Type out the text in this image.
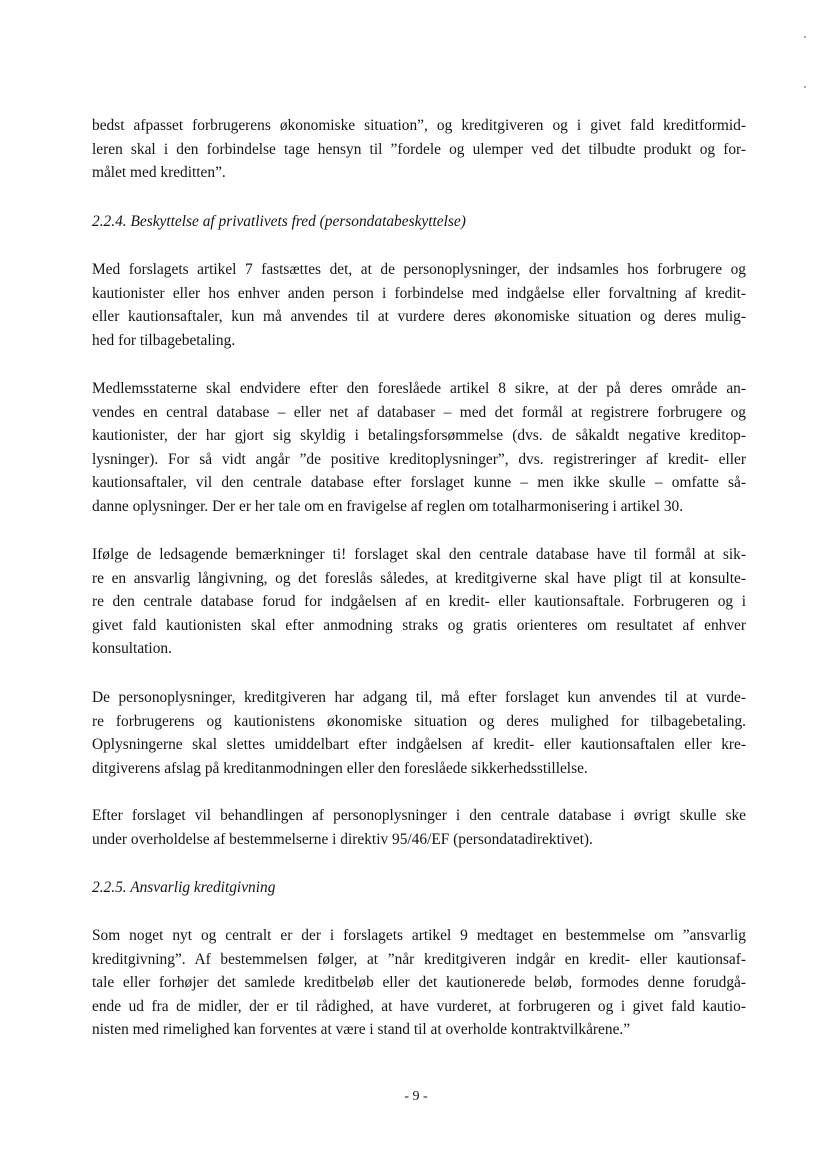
bedst afpasset forbrugerens økonomiske situation”, og kreditgiveren og i givet fald kreditformid-
leren skal i den forbindelse tage hensyn til ”fordele og ulemper ved det tilbudte produkt og for-
målet med kreditten”.

2.2.4. Beskyttelse af privatlivets fred (persondatabeskyttelse)

Med forslagets artikel 7 fastsættes det, at de personoplysninger, der indsamles hos forbrugere og
kautionister eller hos enhver anden person i forbindelse med indgåelse eller forvaltning af kredit-
eller kautionsaftaler, kun må anvendes til at vurdere deres økonomiske situation og deres mulig-
hed for tilbagebetaling.

Medlemsstaterne skal endvidere efter den foreslåede artikel 8 sikre, at der på deres område an-
vendes en central database – eller net af databaser – med det formål at registrere forbrugere og
kautionister, der har gjort sig skyldig i betalingsforsømmelse (dvs. de såkaldt negative kreditop-
lysninger). For så vidt angår ”de positive kreditoplysninger”, dvs. registreringer af kredit- eller
kautionsaftaler, vil den centrale database efter forslaget kunne – men ikke skulle – omfatte så-
danne oplysninger. Der er her tale om en fravigelse af reglen om totalharmonisering i artikel 30.

Ifølge de ledsagende bemærkninger ti! forslaget skal den centrale database have til formål at sik-
re en ansvarlig långivning, og det foreslås således, at kreditgiverne skal have pligt til at konsulte-
re den centrale database forud for indgåelsen af en kredit- eller kautionsaftale. Forbrugeren og i
givet fald kautionisten skal efter anmodning straks og gratis orienteres om resultatet af enhver
konsultation.

De personoplysninger, kreditgiveren har adgang til, må efter forslaget kun anvendes til at vurde-
re forbrugerens og kautionistens økonomiske situation og deres mulighed for tilbagebetaling.
Oplysningerne skal slettes umiddelbart efter indgåelsen af kredit- eller kautionsaftalen eller kre-
ditgiverens afslag på kreditanmodningen eller den foreslåede sikkerhedsstillelse.

Efter forslaget vil behandlingen af personoplysninger i den centrale database i øvrigt skulle ske
under overholdelse af bestemmelserne i direktiv 95/46/EF (persondatadirektivet).

2.2.5. Ansvarlig kreditgivning

Som noget nyt og centralt er der i forslagets artikel 9 medtaget en bestemmelse om ”ansvarlig
kreditgivning”. Af bestemmelsen følger, at ”når kreditgiveren indgår en kredit- eller kautionsaf-
tale eller forhøjer det samlede kreditbeløb eller det kautionerede beløb, formodes denne forudgå-
ende ud fra de midler, der er til rådighed, at have vurderet, at forbrugeren og i givet fald kautio-
nisten med rimelighed kan forventes at være i stand til at overholde kontraktvilkårene.”

- 9 -
